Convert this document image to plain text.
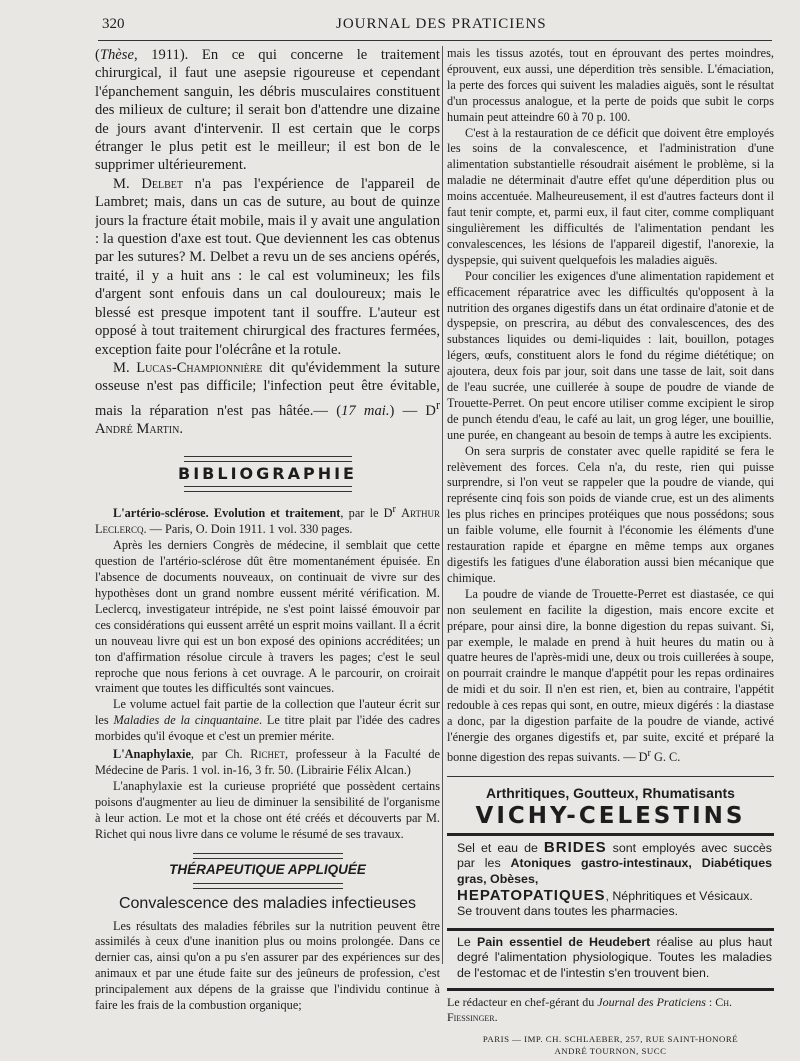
320	JOURNAL DES PRATICIENS

(Thèse, 1911). En ce qui concerne le traitement chirurgical, il faut une asepsie rigoureuse et cependant l'épanchement sanguin, les débris musculaires constituent des milieux de culture; il serait bon d'attendre une dizaine de jours avant d'intervenir. Il est certain que le corps étranger le plus petit est le meilleur; il est bon de le supprimer ultérieurement.

M. Delbet n'a pas l'expérience de l'appareil de Lambret; mais, dans un cas de suture, au bout de quinze jours la fracture était mobile, mais il y avait une angulation : la question d'axe est tout. Que deviennent les cas obtenus par les sutures? M. Delbet a revu un de ses anciens opérés, traité, il y a huit ans : le cal est volumineux; les fils d'argent sont enfouis dans un cal douloureux; mais le blessé est presque impotent tant il souffre. L'auteur est opposé à tout traitement chirurgical des fractures fermées, exception faite pour l'olécrâne et la rotule.

M. Lucas-Championnière dit qu'évidemment la suture osseuse n'est pas difficile; l'infection peut être évitable, mais la réparation n'est pas hâtée.— (17 mai.) — $D^r$ André Martin.

BIBLIOGRAPHIE

L'artério-sclérose. Evolution et traitement, par le $D^r$ Arthur Leclercq. — Paris, O. Doin 1911. 1 vol. 330 pages.

Après les derniers Congrès de médecine, il semblait que cette question de l'artério-sclérose dût être momentanément épuisée. En l'absence de documents nouveaux, on continuait de vivre sur des hypothèses dont un grand nombre eussent mérité vérification. M. Leclercq, investigateur intrépide, ne s'est point laissé émouvoir par ces considérations qui eussent arrêté un esprit moins vaillant. Il a écrit un nouveau livre qui est un bon exposé des opinions accréditées; un ton d'affirmation résolue circule à travers les pages; c'est le seul reproche que nous ferions à cet ouvrage. A le parcourir, on croirait vraiment que toutes les difficultés sont vaincues.

Le volume actuel fait partie de la collection que l'auteur écrit sur les Maladies de la cinquantaine. Le titre plait par l'idée des cadres morbides qu'il évoque et c'est un premier mérite.

L'Anaphylaxie, par Ch. Richet, professeur à la Faculté de Médecine de Paris. 1 vol. in-16, 3 fr. 50. (Librairie Félix Alcan.)

L'anaphylaxie est la curieuse propriété que possèdent certains poisons d'augmenter au lieu de diminuer la sensibilité de l'organisme à leur action. Le mot et la chose ont été créés et découverts par M. Richet qui nous livre dans ce volume le résumé de ses travaux.

THÉRAPEUTIQUE APPLIQUÉE
Convalescence des maladies infectieuses

Les résultats des maladies fébriles sur la nutrition peuvent être assimilés à ceux d'une inanition plus ou moins prolongée. Dans ce dernier cas, ainsi qu'on a pu s'en assurer par des expériences sur des animaux et par une étude faite sur des jeûneurs de profession, c'est principalement aux dépens de la graisse que l'individu continue à faire les frais de la combustion organique;

mais les tissus azotés, tout en éprouvant des pertes moindres, éprouvent, eux aussi, une déperdition très sensible. L'émaciation, la perte des forces qui suivent les maladies aiguës, sont le résultat d'un processus analogue, et la perte de poids que subit le corps humain peut atteindre 60 à 70 p. 100.

C'est à la restauration de ce déficit que doivent être employés les soins de la convalescence, et l'administration d'une alimentation substantielle résoudrait aisément le problème, si la maladie ne déterminait d'autre effet qu'une déperdition plus ou moins accentuée. Malheureusement, il est d'autres facteurs dont il faut tenir compte, et, parmi eux, il faut citer, comme compliquant singulièrement les difficultés de l'alimentation pendant les convalescences, les lésions de l'appareil digestif, l'anorexie, la dyspepsie, qui suivent quelquefois les maladies aiguës.

Pour concilier les exigences d'une alimentation rapidement et efficacement réparatrice avec les difficultés qu'opposent à la nutrition des organes digestifs dans un état ordinaire d'atonie et de dyspepsie, on prescrira, au début des convalescences, des des substances liquides ou demi-liquides : lait, bouillon, potages légers, œufs, constituent alors le fond du régime diététique; on ajoutera, deux fois par jour, soit dans une tasse de lait, soit dans de l'eau sucrée, une cuillerée à soupe de poudre de viande de Trouette-Perret. On peut encore utiliser comme excipient le sirop de punch étendu d'eau, le café au lait, un grog léger, une bouillie, une purée, en changeant au besoin de temps à autre les excipients.

On sera surpris de constater avec quelle rapidité se fera le relèvement des forces. Cela n'a, du reste, rien qui puisse surprendre, si l'on veut se rappeler que la poudre de viande, qui représente cinq fois son poids de viande crue, est un des aliments les plus riches en principes protéiques que nous possédons; sous un faible volume, elle fournit à l'économie les éléments d'une restauration rapide et épargne en même temps aux organes digestifs les fatigues d'une élaboration aussi bien mécanique que chimique.

La poudre de viande de Trouette-Perret est diastasée, ce qui non seulement en facilite la digestion, mais encore excite et prépare, pour ainsi dire, la bonne digestion du repas suivant. Si, par exemple, le malade en prend à huit heures du matin ou à quatre heures de l'après-midi une, deux ou trois cuillerées à soupe, on pourrait craindre le manque d'appétit pour les repas ordinaires de midi et du soir. Il n'en est rien, et, bien au contraire, l'appétit redouble à ces repas qui sont, en outre, mieux digérés : la diastase a donc, par la digestion parfaite de la poudre de viande, activé l'énergie des organes digestifs et, par suite, excité et préparé la bonne digestion des repas suivants. — $D^r$ G. C.

Arthritiques, Goutteux, Rhumatisants
VICHY-CELESTINS
Sel et eau de BRIDES sont employés avec succès par les Atoniques gastro-intestinaux, Diabétiques gras, Obèses,
HEPATOPATIQUES, Néphritiques et Vésicaux.
Se trouvent dans toutes les pharmacies.
Le Pain essentiel de Heudebert réalise au plus haut degré l'alimentation physiologique. Toutes les maladies de l'estomac et de l'intestin s'en trouvent bien.
Le rédacteur en chef-gérant du Journal des Praticiens : Ch. Fiessinger.
PARIS — IMP. CH. SCHLAEBER, 257, RUE SAINT-HONORÉ
ANDRÉ TOURNON, SUCC
